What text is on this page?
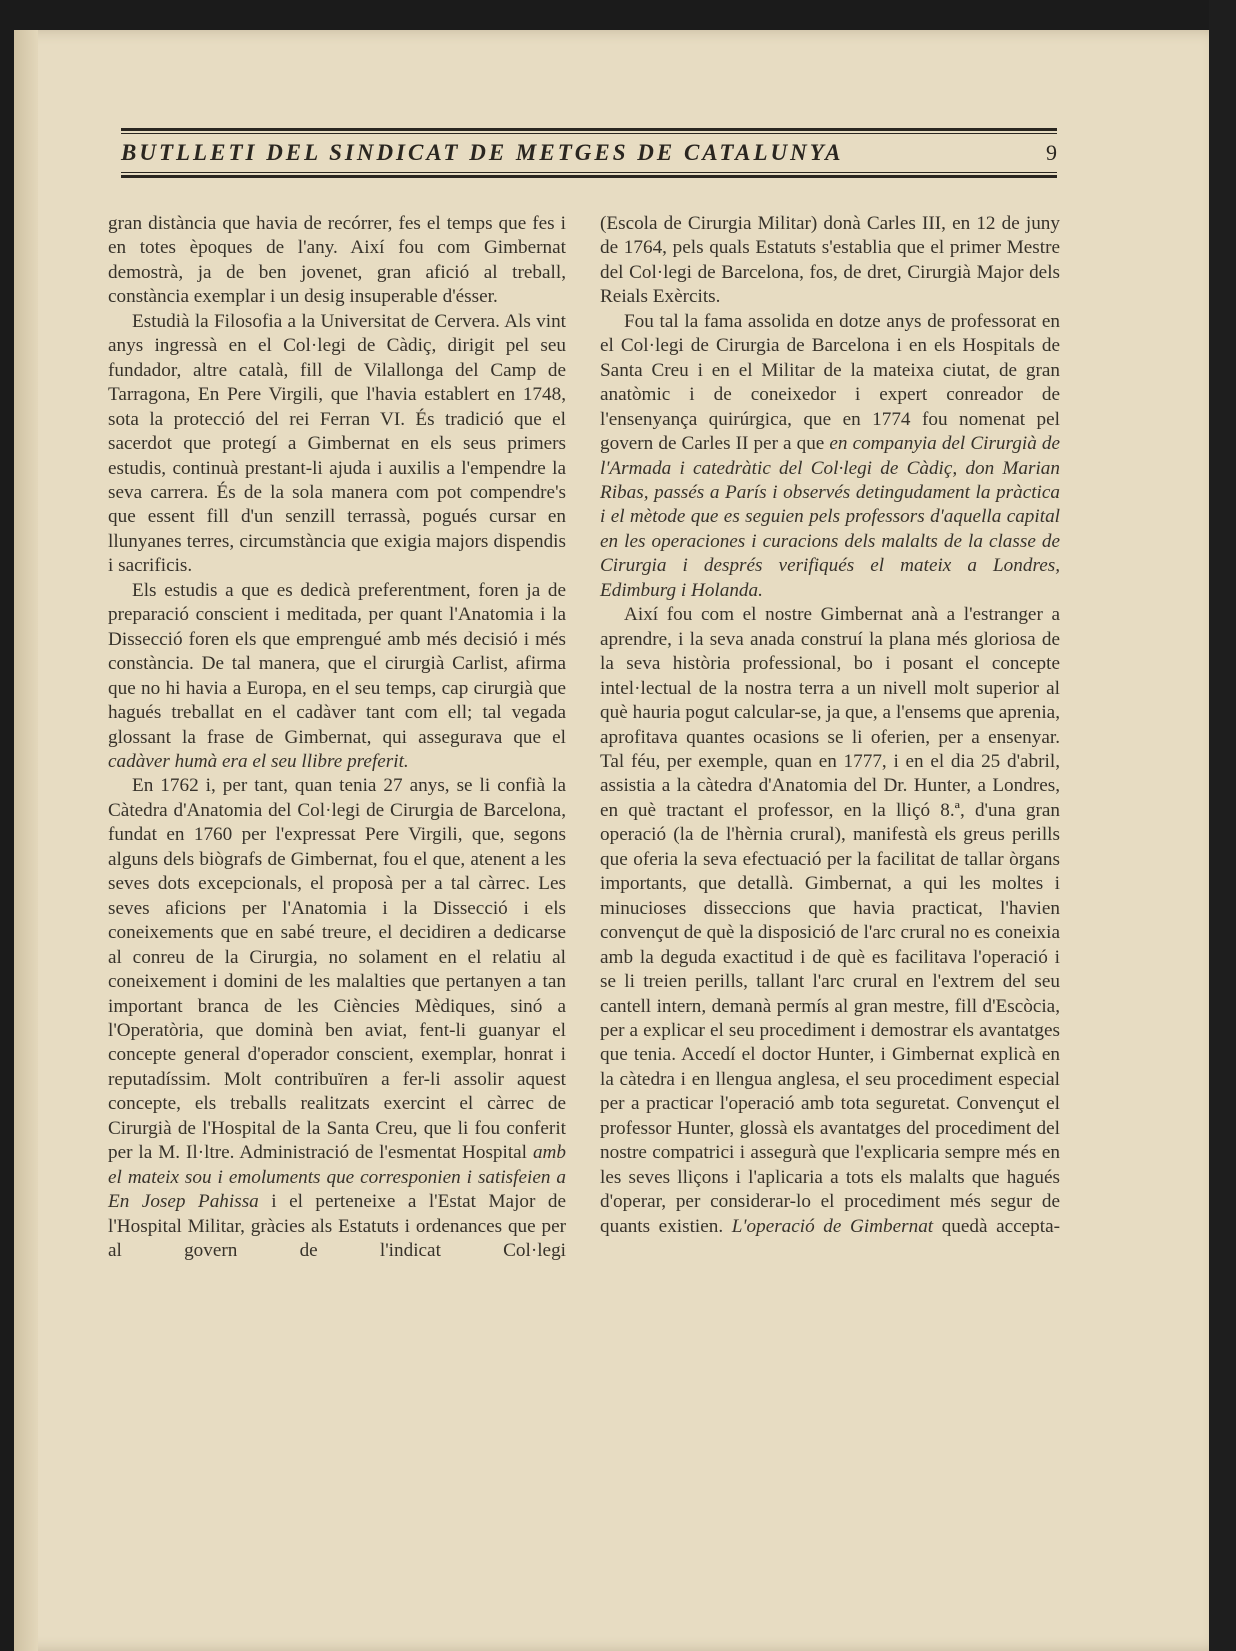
BUTLLETI DEL SINDICAT DE METGES DE CATALUNYA	9

gran distància que havia de recórrer, fes el temps que fes i en totes èpoques de l'any. Així fou com Gimbernat demostrà, ja de ben jovenet, gran afició al treball, constància exemplar i un desig insuperable d'ésser.

Estudià la Filosofia a la Universitat de Cervera. Als vint anys ingressà en el Col·legi de Càdiç, dirigit pel seu fundador, altre català, fill de Vilallonga del Camp de Tarragona, En Pere Virgili, que l'havia establert en 1748, sota la protecció del rei Ferran VI. És tradició que el sacerdot que protegí a Gimbernat en els seus primers estudis, continuà prestant-li ajuda i auxilis a l'empendre la seva carrera. És de la sola manera com pot compendre's que essent fill d'un senzill terrassà, pogués cursar en llunyanes terres, circumstància que exigia majors dispendis i sacrificis.

Els estudis a que es dedicà preferentment, foren ja de preparació conscient i meditada, per quant l'Anatomia i la Dissecció foren els que emprengué amb més decisió i més constància. De tal manera, que el cirurgià Carlist, afirma que no hi havia a Europa, en el seu temps, cap cirurgià que hagués treballat en el cadàver tant com ell; tal vegada glossant la frase de Gimbernat, qui assegurava que el cadàver humà era el seu llibre preferit.

En 1762 i, per tant, quan tenia 27 anys, se li confià la Càtedra d'Anatomia del Col·legi de Cirurgia de Barcelona, fundat en 1760 per l'expressat Pere Virgili, que, segons alguns dels biògrafs de Gimbernat, fou el que, atenent a les seves dots excepcionals, el proposà per a tal càrrec. Les seves aficions per l'Anatomia i la Dissecció i els coneixements que en sabé treure, el decidiren a dedicarse al conreu de la Cirurgia, no solament en el relatiu al coneixement i domini de les malalties que pertanyen a tan important branca de les Ciències Mèdiques, sinó a l'Operatòria, que dominà ben aviat, fent-li guanyar el concepte general d'operador conscient, exemplar, honrat i reputadíssim. Molt contribuïren a fer-li assolir aquest concepte, els treballs realitzats exercint el càrrec de Cirurgià de l'Hospital de la Santa Creu, que li fou conferit per la M. Il·ltre. Administració de l'esmentat Hospital amb el mateix sou i emoluments que corresponien i satisfeien a En Josep Pahissa i el perteneixe a l'Estat Major de l'Hospital Militar, gràcies als Estatuts i ordenances que per al govern de l'indicat Col·legi

(Escola de Cirurgia Militar) donà Carles III, en 12 de juny de 1764, pels quals Estatuts s'establia que el primer Mestre del Col·legi de Barcelona, fos, de dret, Cirurgià Major dels Reials Exèrcits.

Fou tal la fama assolida en dotze anys de professorat en el Col·legi de Cirurgia de Barcelona i en els Hospitals de Santa Creu i en el Militar de la mateixa ciutat, de gran anatòmic i de coneixedor i expert conreador de l'ensenyança quirúrgica, que en 1774 fou nomenat pel govern de Carles II per a que en companyia del Cirurgià de l'Armada i catedràtic del Col·legi de Càdiç, don Marian Ribas, passés a París i observés detingudament la pràctica i el mètode que es seguien pels professors d'aquella capital en les operaciones i curacions dels malalts de la classe de Cirurgia i després verifiqués el mateix a Londres, Edimburg i Holanda.

Així fou com el nostre Gimbernat anà a l'estranger a aprendre, i la seva anada construí la plana més gloriosa de la seva història professional, bo i posant el concepte intel·lectual de la nostra terra a un nivell molt superior al què hauria pogut calcular-se, ja que, a l'ensems que aprenia, aprofitava quantes ocasions se li oferien, per a ensenyar. Tal féu, per exemple, quan en 1777, i en el dia 25 d'abril, assistia a la càtedra d'Anatomia del Dr. Hunter, a Londres, en què tractant el professor, en la lliçó 8.ª, d'una gran operació (la de l'hèrnia crural), manifestà els greus perills que oferia la seva efectuació per la facilitat de tallar òrgans importants, que detallà. Gimbernat, a qui les moltes i minucioses disseccions que havia practicat, l'havien convençut de què la disposició de l'arc crural no es coneixia amb la deguda exactitud i de què es facilitava l'operació i se li treien perills, tallant l'arc crural en l'extrem del seu cantell intern, demanà permís al gran mestre, fill d'Escòcia, per a explicar el seu procediment i demostrar els avantatges que tenia. Accedí el doctor Hunter, i Gimbernat explicà en la càtedra i en llengua anglesa, el seu procediment especial per a practicar l'operació amb tota seguretat. Convençut el professor Hunter, glossà els avantatges del procediment del nostre compatrici i assegurà que l'explicaria sempre més en les seves lliçons i l'aplicaria a tots els malalts que hagués d'operar, per considerar-lo el procediment més segur de quants existien. L'operació de Gimbernat quedà accepta-
